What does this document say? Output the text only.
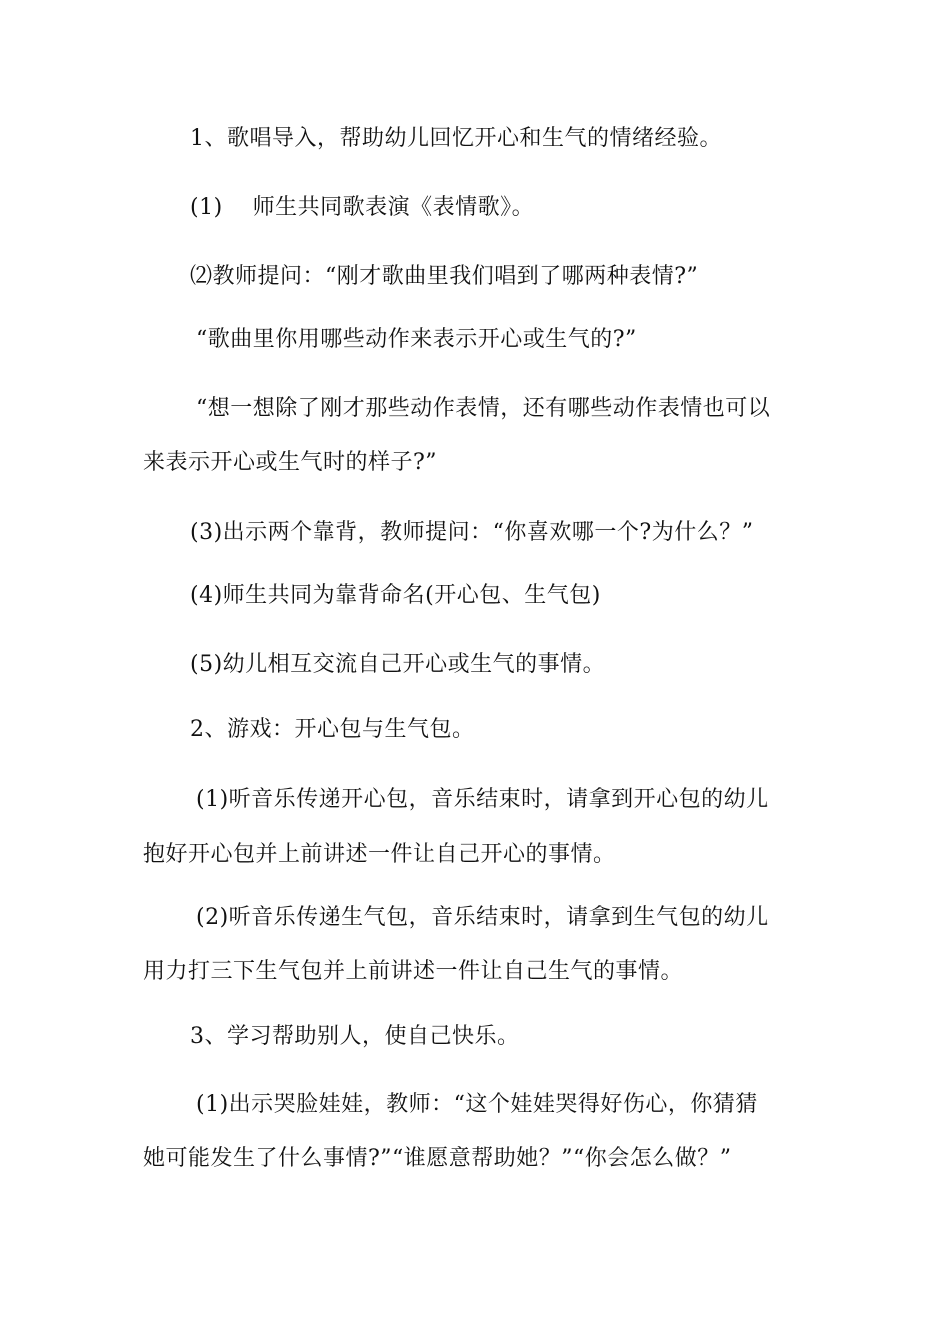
1、歌唱导入，帮助幼儿回忆开心和生气的情绪经验。
(1)　 师生共同歌表演《表情歌》。
⑵教师提问：“刚才歌曲里我们唱到了哪两种表情?”
“歌曲里你用哪些动作来表示开心或生气的?”
“想一想除了刚才那些动作表情，还有哪些动作表情也可以
来表示开心或生气时的样子?”
(3)出示两个靠背，教师提问：“你喜欢哪一个?为什么？”
(4)师生共同为靠背命名(开心包、生气包)
(5)幼儿相互交流自己开心或生气的事情。
2、游戏：开心包与生气包。
(1)听音乐传递开心包，音乐结束时，请拿到开心包的幼儿
抱好开心包并上前讲述一件让自己开心的事情。
(2)听音乐传递生气包，音乐结束时，请拿到生气包的幼儿
用力打三下生气包并上前讲述一件让自己生气的事情。
3、学习帮助别人，使自己快乐。
(1)出示哭脸娃娃，教师：“这个娃娃哭得好伤心，你猜猜
她可能发生了什么事情?”“谁愿意帮助她？”“你会怎么做？”
